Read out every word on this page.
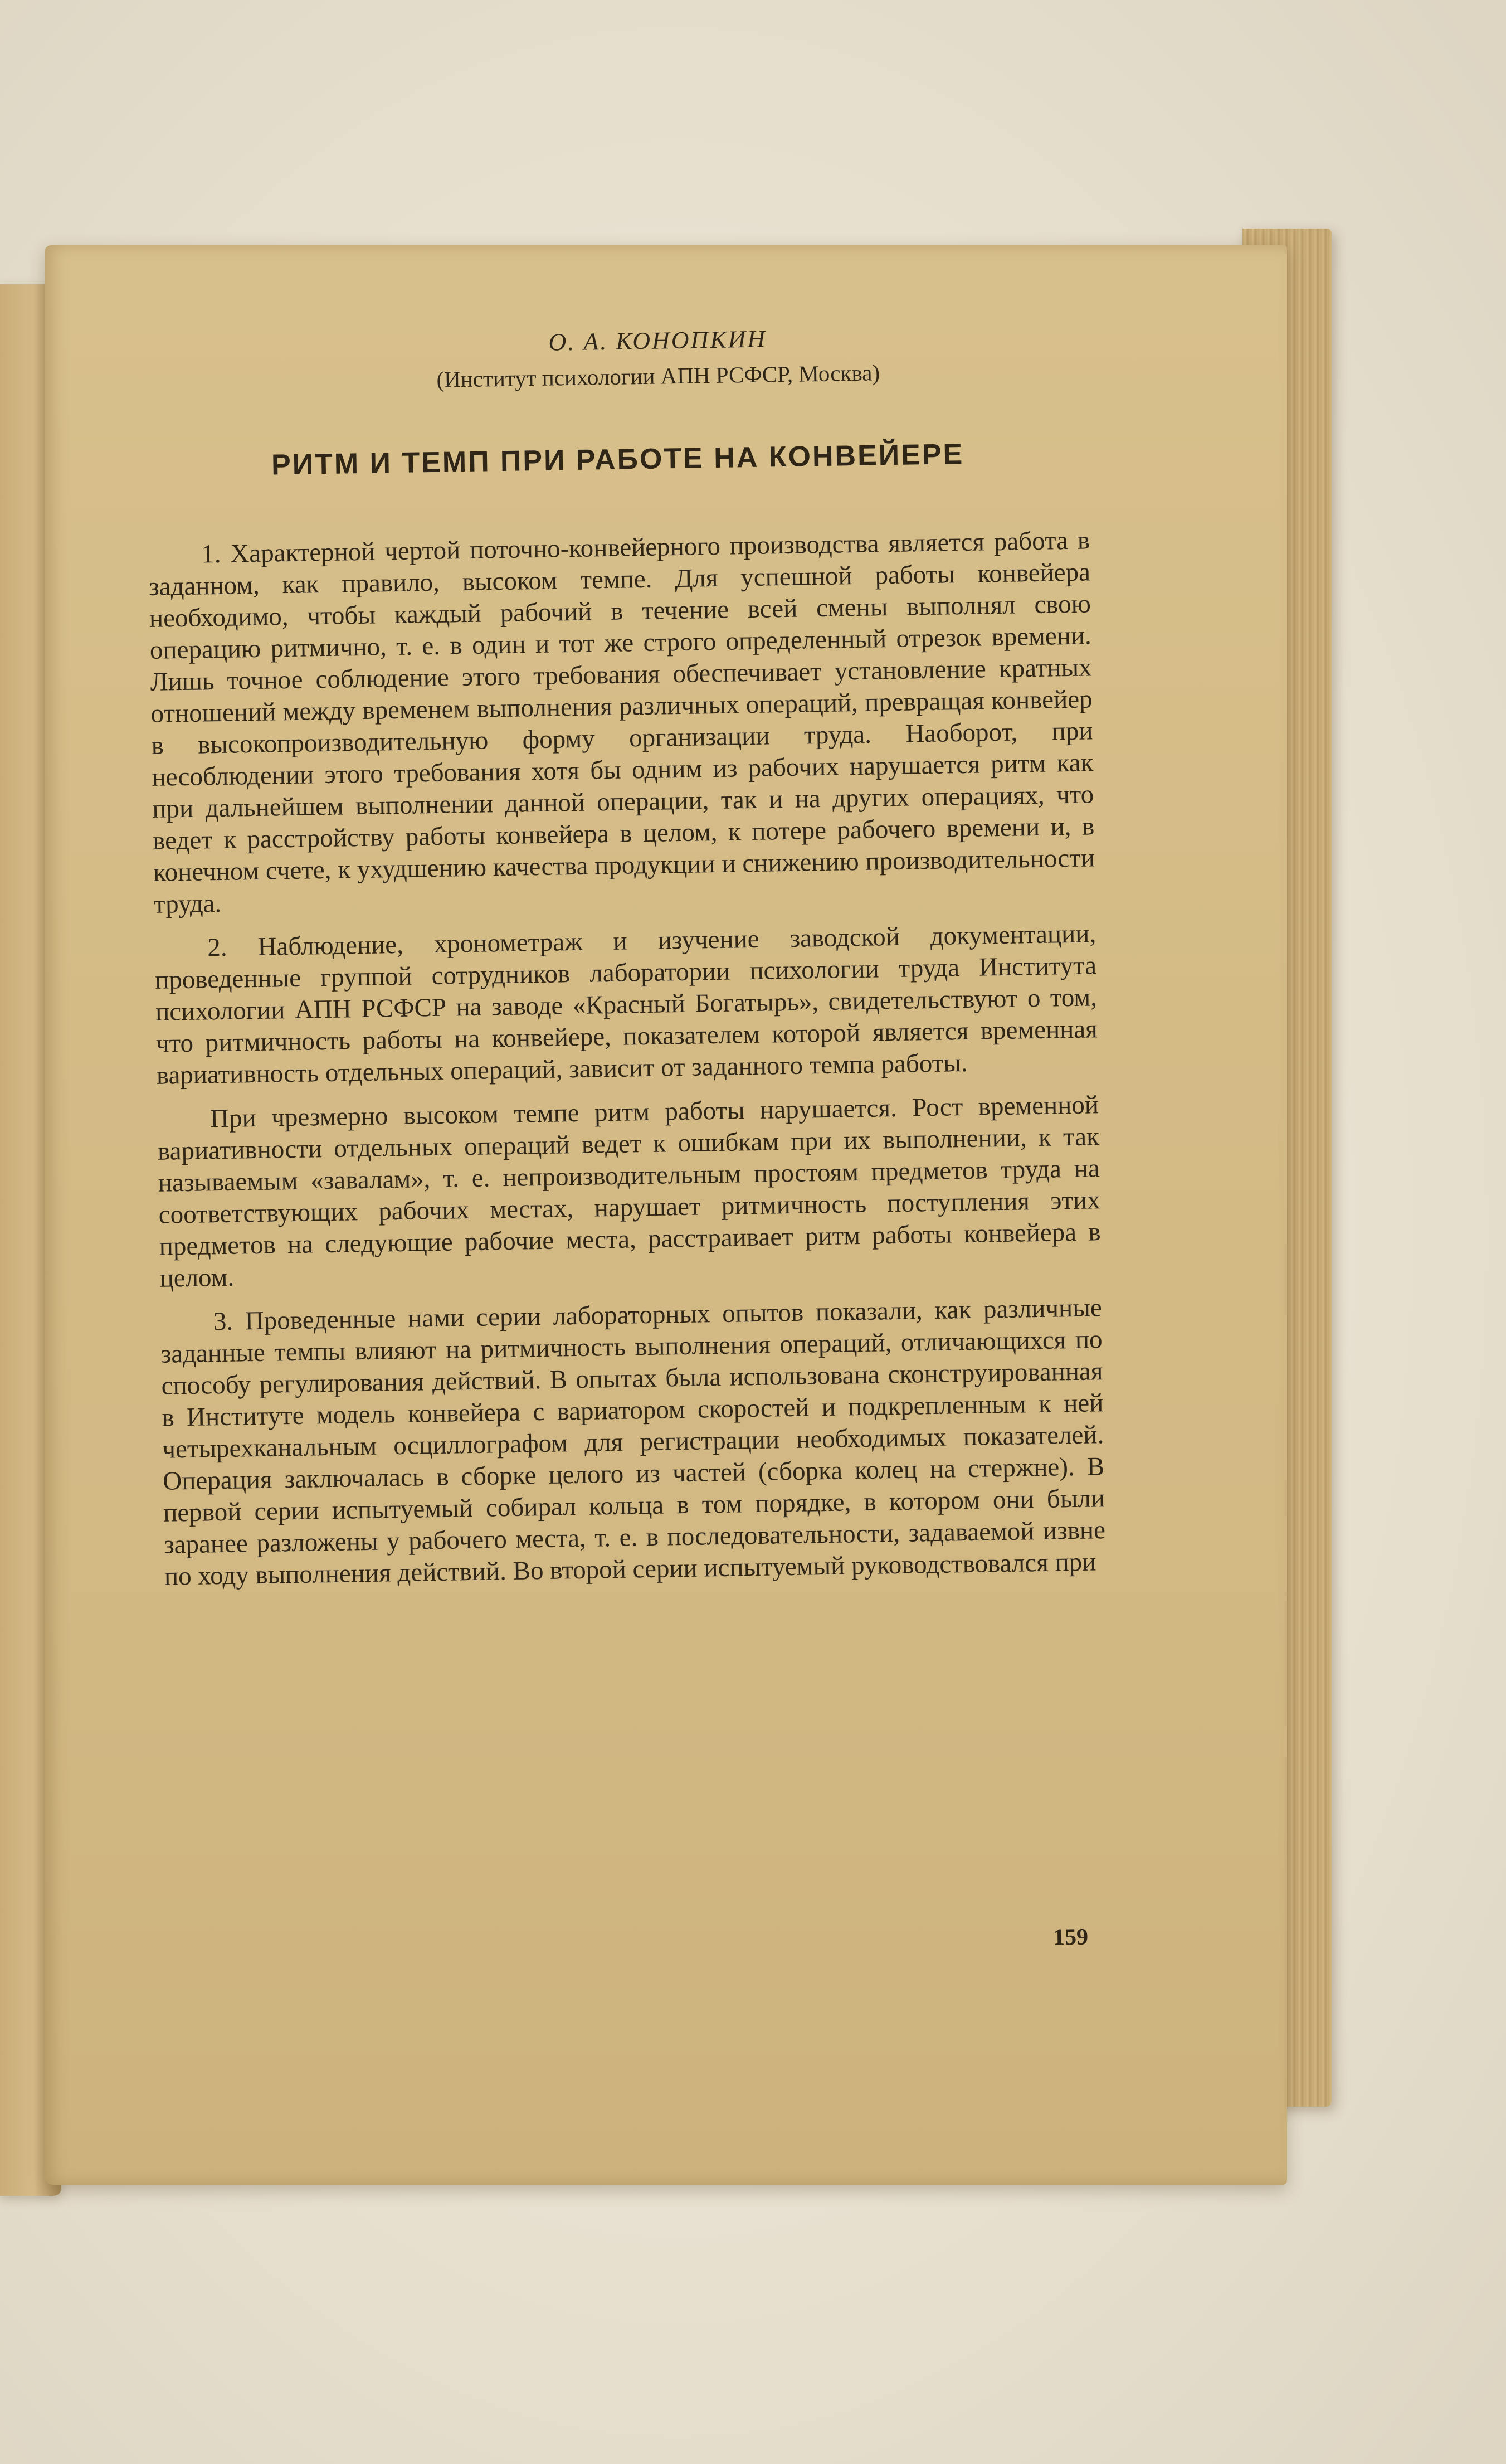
О. А. КОНОПКИН
(Институт психологии АПН РСФСР, Москва)
РИТМ И ТЕМП ПРИ РАБОТЕ НА КОНВЕЙЕРЕ

1. Характерной чертой поточно-конвейерного производства является работа в заданном, как правило, высоком темпе. Для успешной работы конвейера необходимо, чтобы каждый рабочий в течение всей смены выполнял свою операцию ритмично, т. е. в один и тот же строго определенный отрезок времени. Лишь точное соблюдение этого требования обеспечивает установление кратных отношений между временем выполнения различных операций, превращая конвейер в высокопроизводительную форму организации труда. Наоборот, при несоблюдении этого требования хотя бы одним из рабочих нарушается ритм как при дальнейшем выполнении данной операции, так и на других операциях, что ведет к расстройству работы конвейера в целом, к потере рабочего времени и, в конечном счете, к ухудшению качества продукции и снижению производительности труда.

2. Наблюдение, хронометраж и изучение заводской документации, проведенные группой сотрудников лаборатории психологии труда Института психологии АПН РСФСР на заводе «Красный Богатырь», свидетельствуют о том, что ритмичность работы на конвейере, показателем которой является временная вариативность отдельных операций, зависит от заданного темпа работы.

При чрезмерно высоком темпе ритм работы нарушается. Рост временной вариативности отдельных операций ведет к ошибкам при их выполнении, к так называемым «завалам», т. е. непроизводительным простоям предметов труда на соответствующих рабочих местах, нарушает ритмичность поступления этих предметов на следующие рабочие места, расстраивает ритм работы конвейера в целом.

3. Проведенные нами серии лабораторных опытов показали, как различные заданные темпы влияют на ритмичность выполнения операций, отличающихся по способу регулирования действий. В опытах была использована сконструированная в Институте модель конвейера с вариатором скоростей и подкрепленным к ней четырехканальным осциллографом для регистрации необходимых показателей. Операция заключалась в сборке целого из частей (сборка колец на стержне). В первой серии испытуемый собирал кольца в том порядке, в котором они были заранее разложены у рабочего места, т. е. в последовательности, задаваемой извне по ходу выполнения действий. Во второй серии испытуемый руководствовался при

159
